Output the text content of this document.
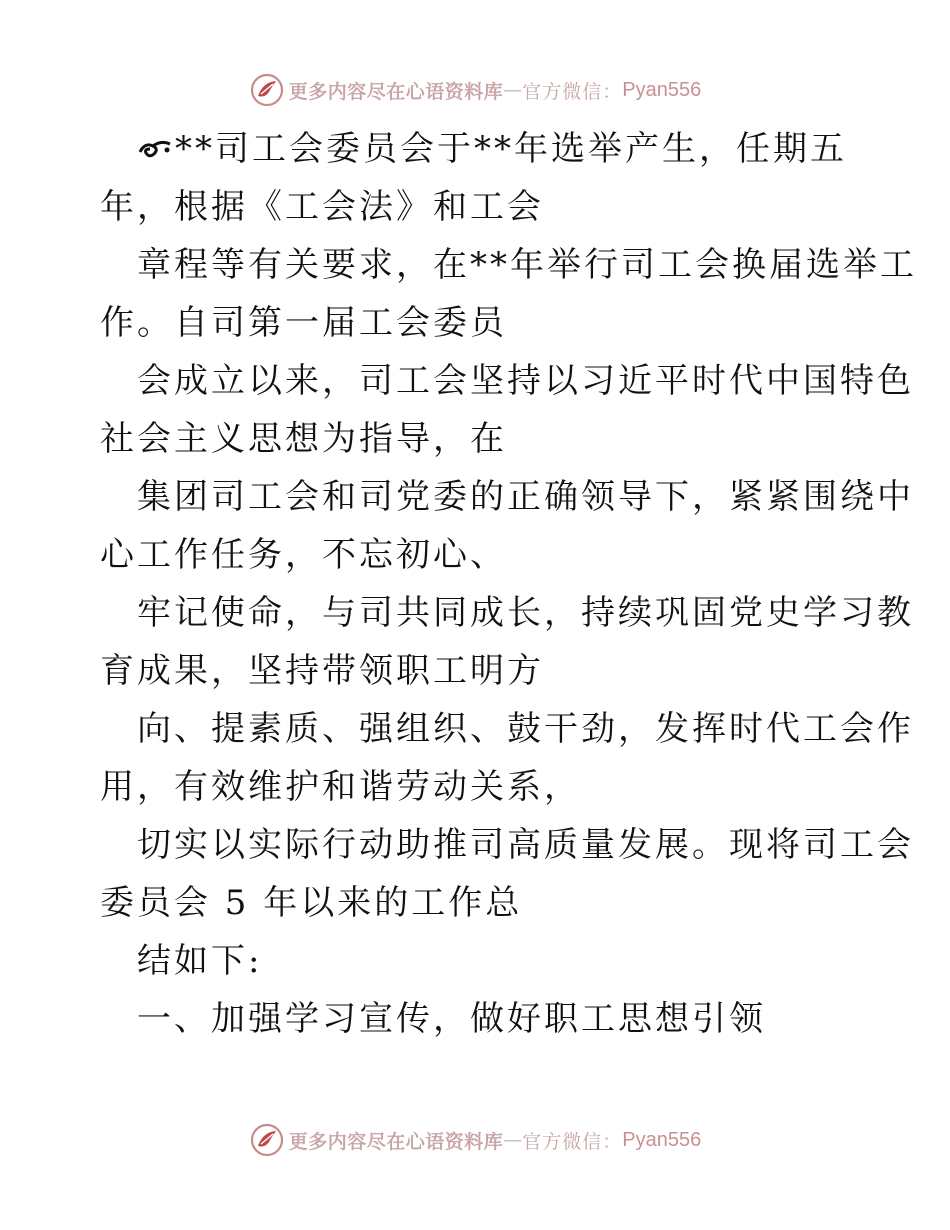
更多内容尽在心语资料库 — 官方微信： Pyan556
**司工会委员会于**年选举产生，任期五
年，根据《工会法》和工会
章程等有关要求，在**年举行司工会换届选举工
作。自司第一届工会委员
会成立以来，司工会坚持以习近平时代中国特色
社会主义思想为指导，在
集团司工会和司党委的正确领导下，紧紧围绕中
心工作任务，不忘初心、
牢记使命，与司共同成长，持续巩固党史学习教
育成果，坚持带领职工明方
向、提素质、强组织、鼓干劲，发挥时代工会作
用，有效维护和谐劳动关系，
切实以实际行动助推司高质量发展。现将司工会
委员会 5 年以来的工作总
结如下:
一、加强学习宣传，做好职工思想引领
更多内容尽在心语资料库 — 官方微信： Pyan556
